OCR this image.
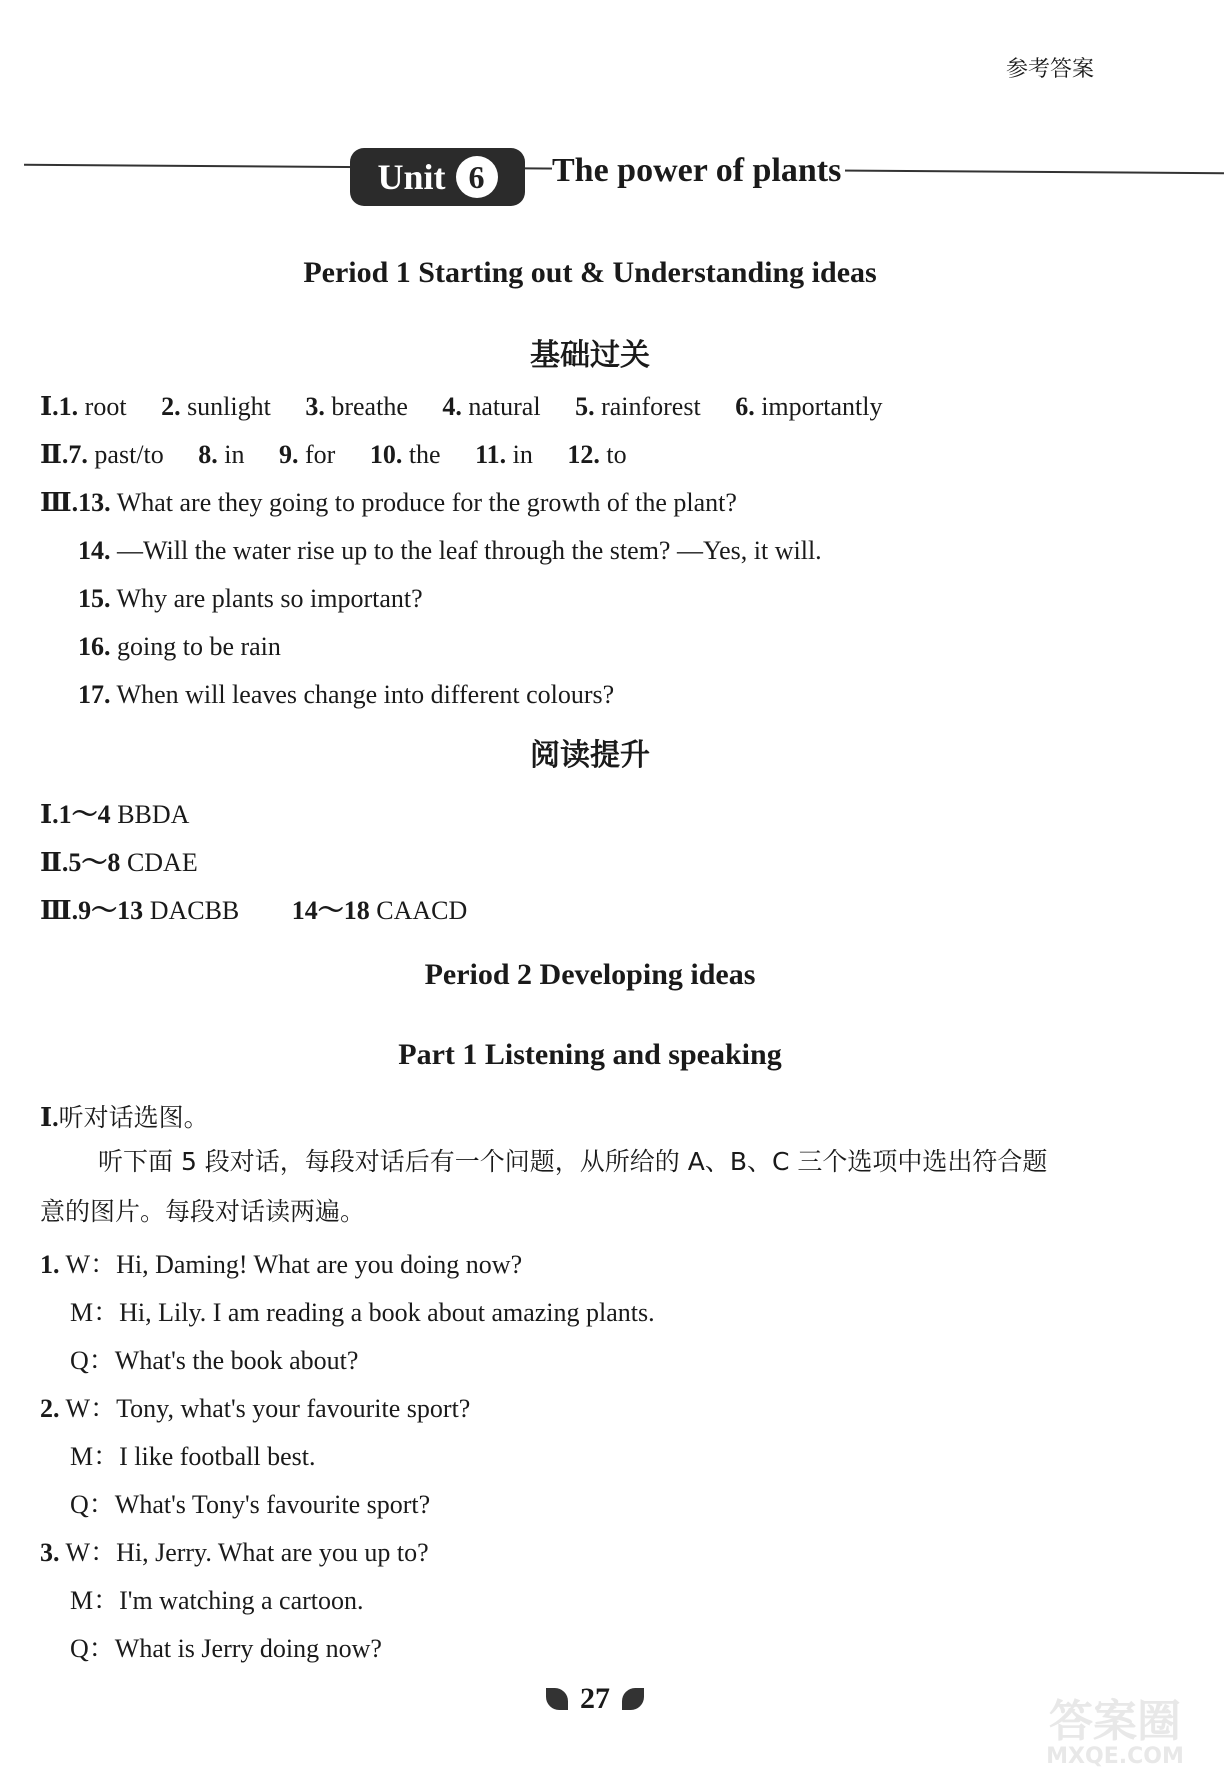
参考答案
Unit 6	The power of plants
Period 1 Starting out & Understanding ideas
基础过关
Ⅰ.1. root 2. sunlight 3. breathe 4. natural 5. rainforest 6. importantly
Ⅱ.7. past/to 8. in 9. for 10. the 11. in 12. to
Ⅲ.13. What are they going to produce for the growth of the plant?
14. —Will the water rise up to the leaf through the stem? —Yes, it will.
15. Why are plants so important?
16. going to be rain
17. When will leaves change into different colours?
阅读提升
Ⅰ.1～4 BBDA
Ⅱ.5～8 CDAE
Ⅲ.9～13 DACBB 14～18 CAACD
Period 2 Developing ideas
Part 1 Listening and speaking
Ⅰ.听对话选图。
听下面 5 段对话，每段对话后有一个问题，从所给的 A、B、C 三个选项中选出符合题
意的图片。每段对话读两遍。
1. W：Hi, Daming! What are you doing now?
M：Hi, Lily. I am reading a book about amazing plants.
Q：What's the book about?
2. W：Tony, what's your favourite sport?
M：I like football best.
Q：What's Tony's favourite sport?
3. W：Hi, Jerry. What are you up to?
M：I'm watching a cartoon.
Q：What is Jerry doing now?
27	答案圈
MXQE.COM
